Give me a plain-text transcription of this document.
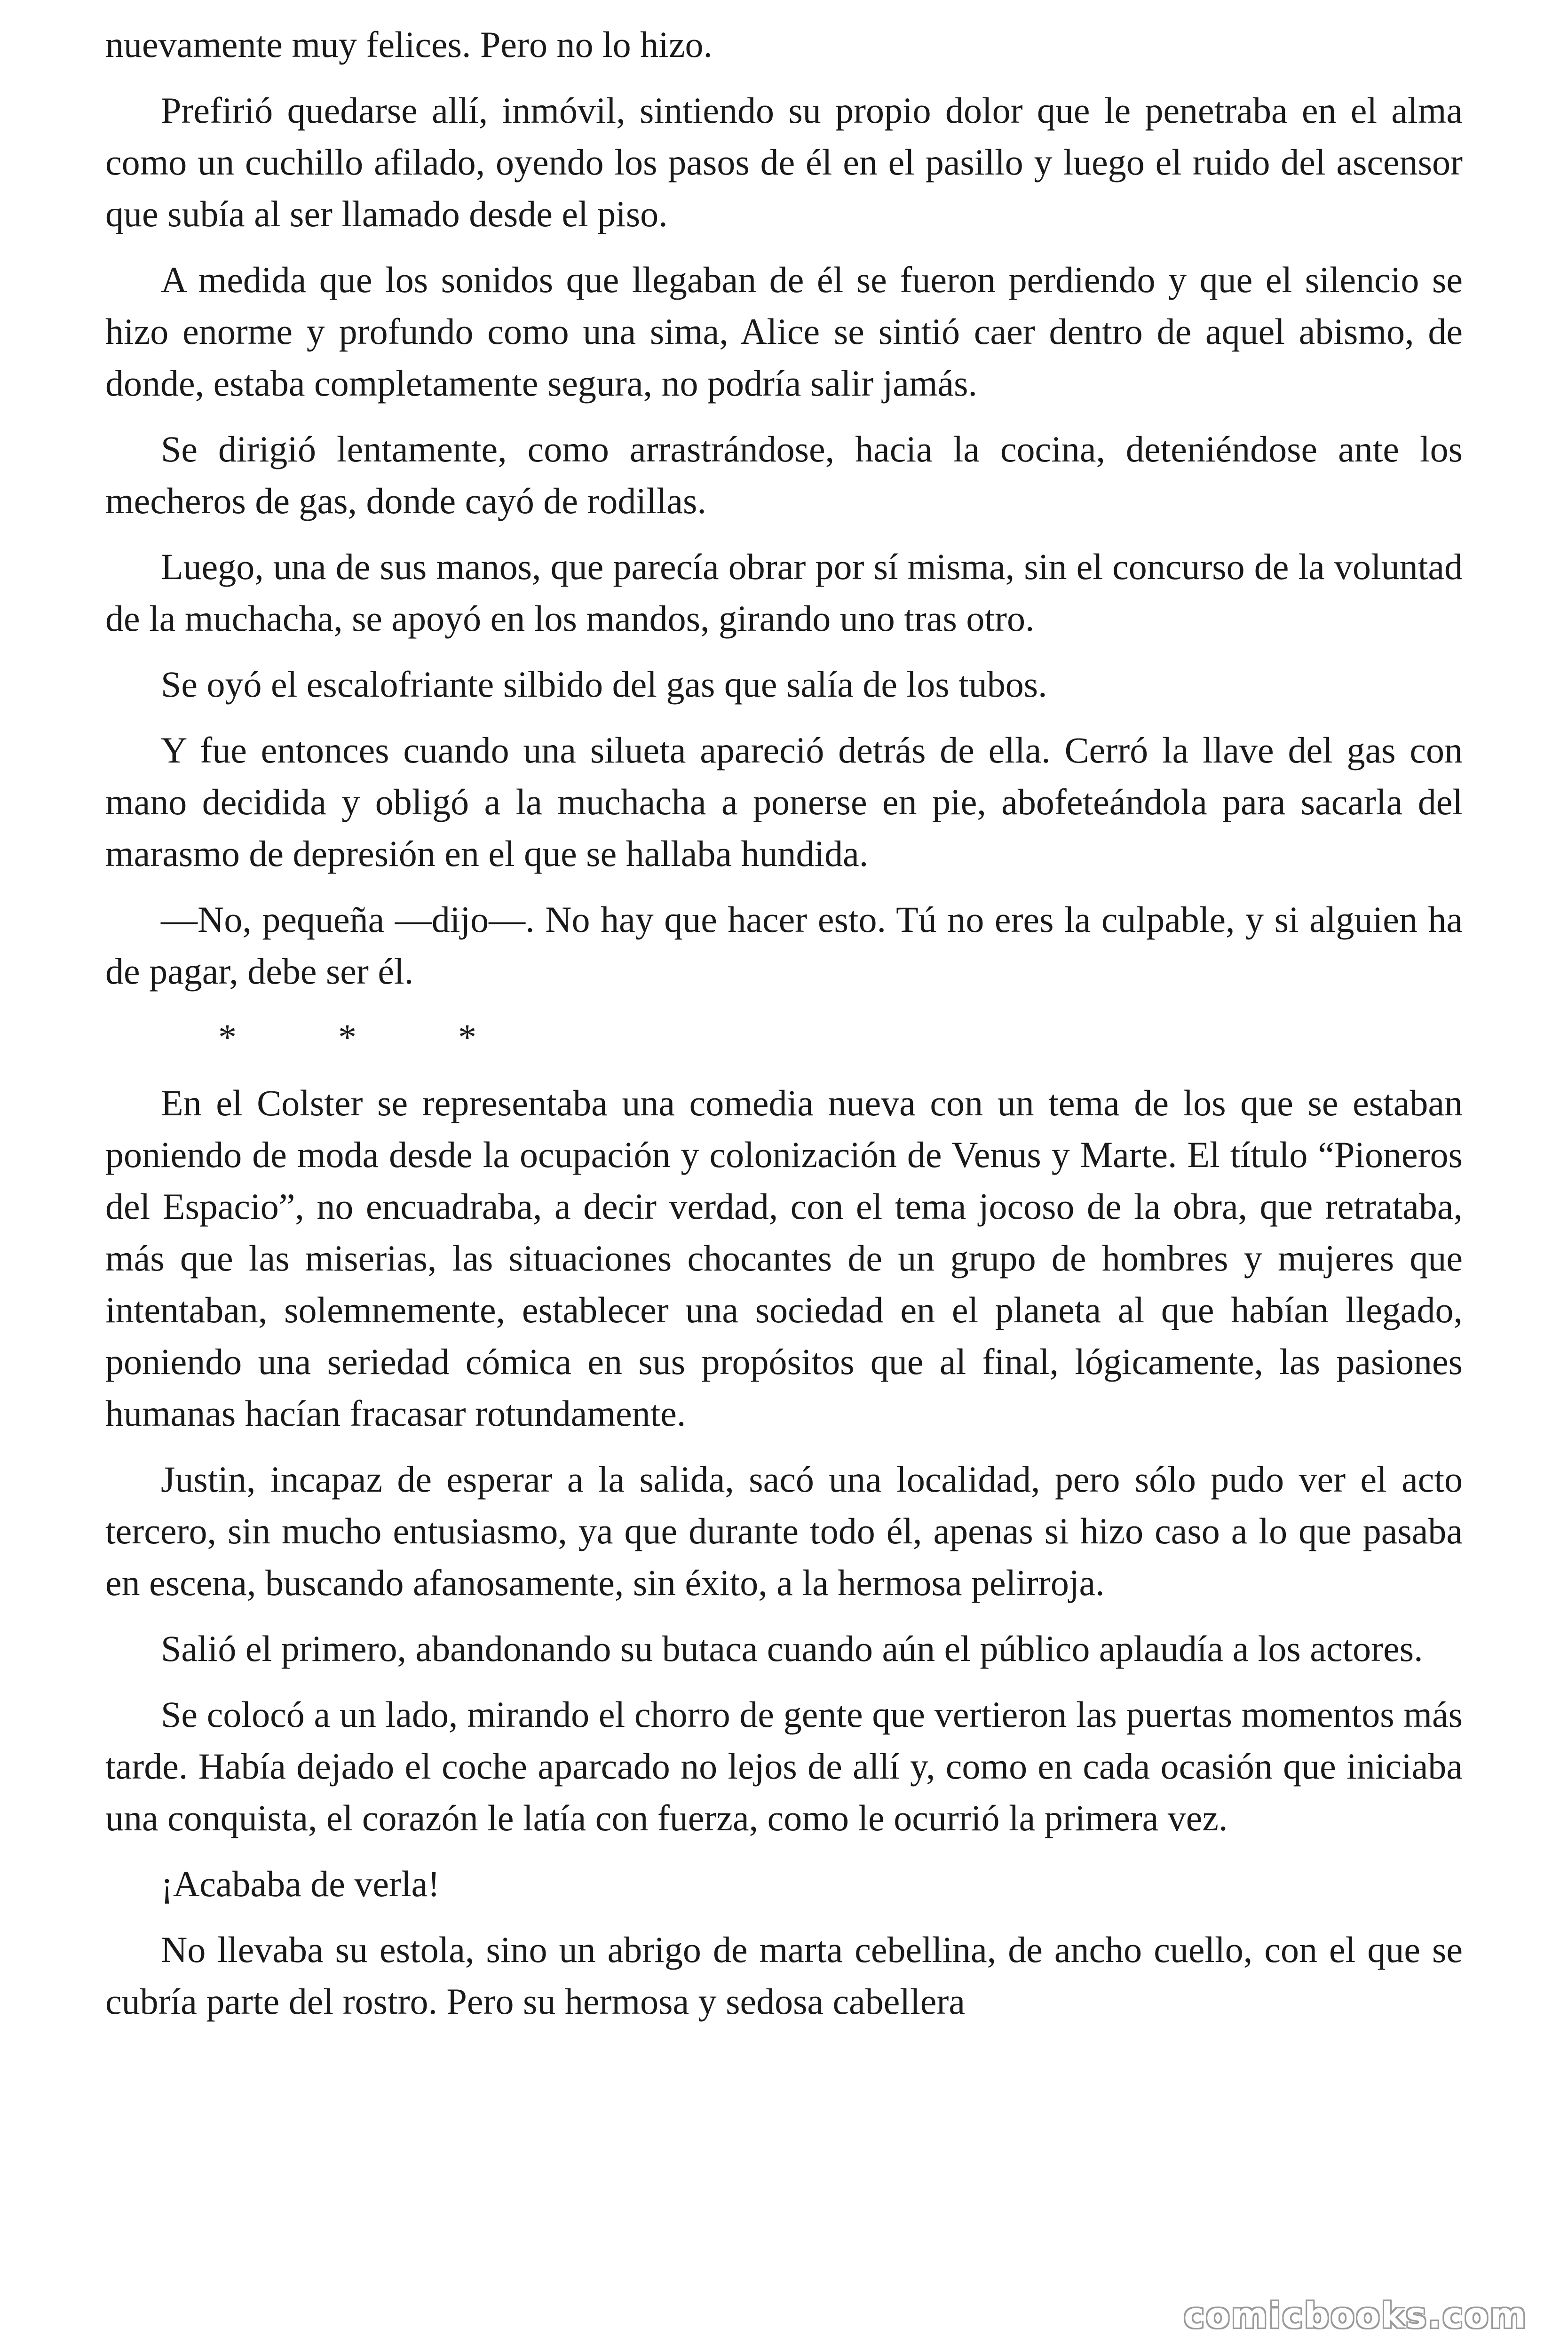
nuevamente muy felices. Pero no lo hizo.

Prefirió quedarse allí, inmóvil, sintiendo su propio dolor que le penetraba en el alma como un cuchillo afilado, oyendo los pasos de él en el pasillo y luego el ruido del ascensor que subía al ser llamado desde el piso.

A medida que los sonidos que llegaban de él se fueron perdiendo y que el silencio se hizo enorme y profundo como una sima, Alice se sintió caer dentro de aquel abismo, de donde, estaba completamente segura, no podría salir jamás.

Se dirigió lentamente, como arrastrándose, hacia la cocina, deteniéndose ante los mecheros de gas, donde cayó de rodillas.

Luego, una de sus manos, que parecía obrar por sí misma, sin el concurso de la voluntad de la muchacha, se apoyó en los mandos, girando uno tras otro.

Se oyó el escalofriante silbido del gas que salía de los tubos.

Y fue entonces cuando una silueta apareció detrás de ella. Cerró la llave del gas con mano decidida y obligó a la muchacha a ponerse en pie, abofeteándola para sacarla del marasmo de depresión en el que se hallaba hundida.

—No, pequeña —dijo—. No hay que hacer esto. Tú no eres la culpable, y si alguien ha de pagar, debe ser él.

*	*	*

En el Colster se representaba una comedia nueva con un tema de los que se estaban poniendo de moda desde la ocupación y colonización de Venus y Marte. El título “Pioneros del Espacio”, no encuadraba, a decir verdad, con el tema jocoso de la obra, que retrataba, más que las miserias, las situaciones chocantes de un grupo de hombres y mujeres que intentaban, solemnemente, establecer una sociedad en el planeta al que habían llegado, poniendo una seriedad cómica en sus propósitos que al final, lógicamente, las pasiones humanas hacían fracasar rotundamente.

Justin, incapaz de esperar a la salida, sacó una localidad, pero sólo pudo ver el acto tercero, sin mucho entusiasmo, ya que durante todo él, apenas si hizo caso a lo que pasaba en escena, buscando afanosamente, sin éxito, a la hermosa pelirroja.

Salió el primero, abandonando su butaca cuando aún el público aplaudía a los actores.

Se colocó a un lado, mirando el chorro de gente que vertieron las puertas momentos más tarde. Había dejado el coche aparcado no lejos de allí y, como en cada ocasión que iniciaba una conquista, el corazón le latía con fuerza, como le ocurrió la primera vez.

¡Acababa de verla!

No llevaba su estola, sino un abrigo de marta cebellina, de ancho cuello, con el que se cubría parte del rostro. Pero su hermosa y sedosa cabellera

comicbooks.com
